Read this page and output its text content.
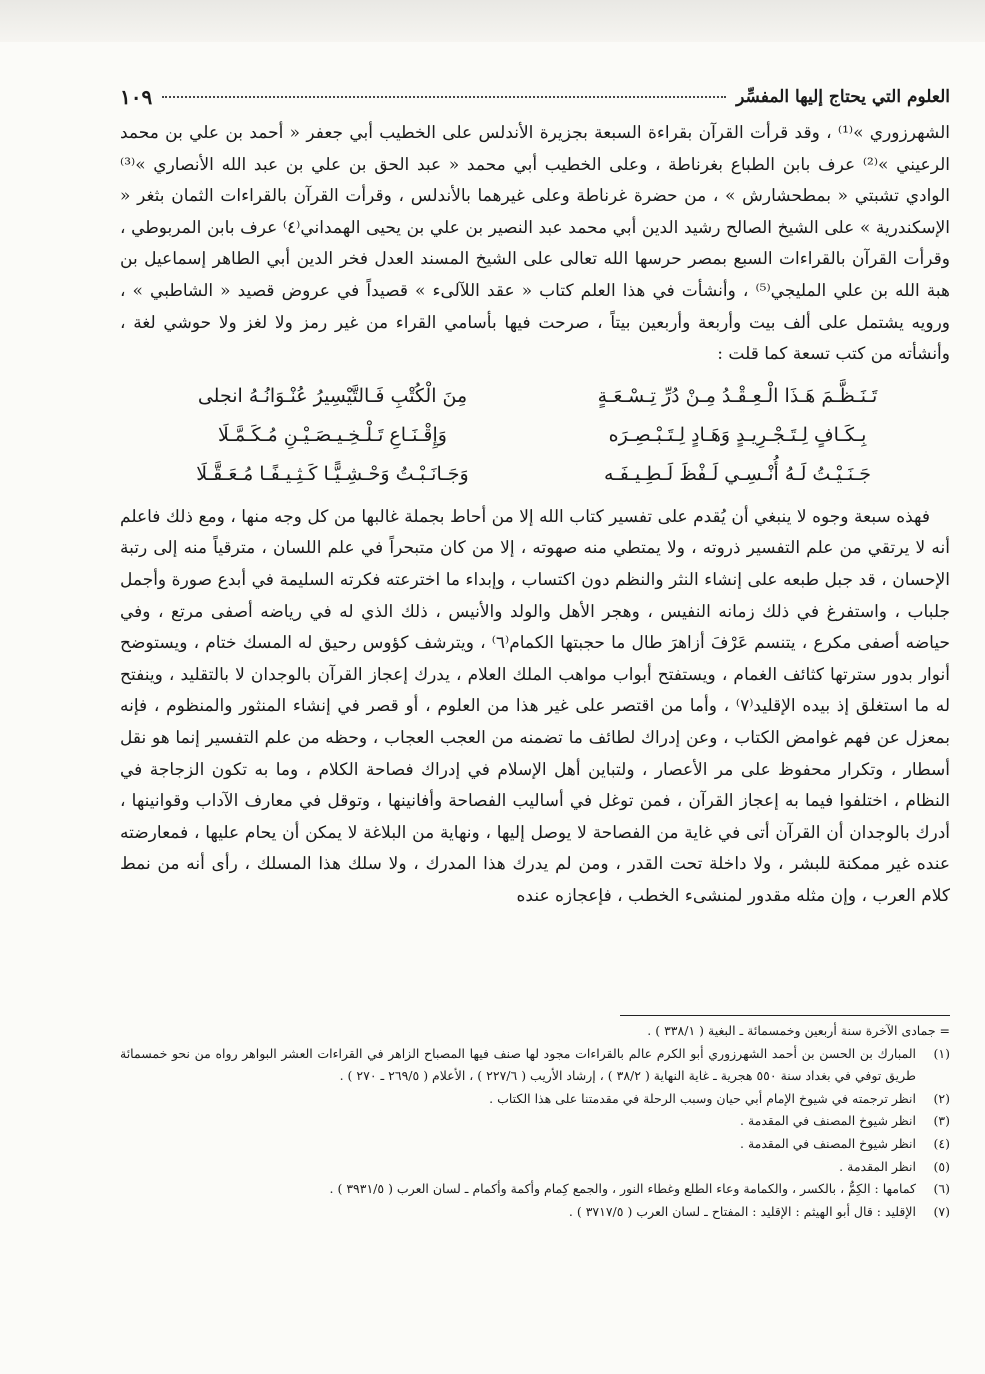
العلوم التي يحتاج إليها المفسِّر
١٠٩

الشهرزوري »⁽¹⁾ ، وقد قرأت القرآن بقراءة السبعة بجزيرة الأندلس على الخطيب أبي جعفر « أحمد بن علي بن محمد الرعيني »⁽²⁾ عرف بابن الطباع بغرناطة ، وعلى الخطيب أبي محمد « عبد الحق بن علي بن عبد الله الأنصاري »⁽³⁾ الوادي تشبتي « بمطحشارش » ، من حضرة غرناطة وعلى غيرهما بالأندلس ، وقرأت القرآن بالقراءات الثمان بثغر « الإسكندرية » على الشيخ الصالح رشيد الدين أبي محمد عبد النصير بن علي بن يحيى الهمداني⁽٤⁾ عرف بابن المربوطي ، وقرأت القرآن بالقراءات السبع بمصر حرسها الله تعالى على الشيخ المسند العدل فخر الدين أبي الطاهر إسماعيل بن هبة الله بن علي المليجي⁽⁵⁾ ، وأنشأت في هذا العلم كتاب « عقد اللآلىء » قصيداً في عروض قصيد « الشاطبي » ، ورويه يشتمل على ألف بيت وأربعة وأربعين بيتاً ، صرحت فيها بأسامي القراء من غير رمز ولا لغز ولا حوشي لغة ، وأنشأته من كتب تسعة كما قلت :

تَـنَـظَّـمَ هَـذَا الْـعِـقْـدُ مِـنْ دُرِّ تِـسْـعَـةٍ
مِنَ الْكُتْبِ فَـالتَّيْسِيرُ عُنْـوَانُـهُ انجلى
بِـكَـافٍ لِـتَـجْـرِيـدٍ وَهَـادٍ لِـتَـبْـصِـرَه
وَإِقْـنَـاعِ تَـلْـخِـيـصَـيْـنِ مُـكَـمَّـلَا
جَـنَـيْـتُ لَـهُ أُنْـسِـي لَـفْظَ لَـطِـيـفَـه
وَجَـانَـبْـتُ وَحْـشِـيًّـا كَـثِـيـفًـا مُـعَـقَّـلَا

فهذه سبعة وجوه لا ينبغي أن يُقدم على تفسير كتاب الله إلا من أحاط بجملة غالبها من كل وجه منها ، ومع ذلك فاعلم أنه لا يرتقي من علم التفسير ذروته ، ولا يمتطي منه صهوته ، إلا من كان متبحراً في علم اللسان ، مترقياً منه إلى رتبة الإحسان ، قد جبل طبعه على إنشاء النثر والنظم دون اكتساب ، وإبداء ما اخترعته فكرته السليمة في أبدع صورة وأجمل جلباب ، واستفرغ في ذلك زمانه النفيس ، وهجر الأهل والولد والأنيس ، ذلك الذي له في رياضه أصفى مرتع ، وفي حياضه أصفى مكرع ، يتنسم عَرْفَ أزاهرَ طال ما حجبتها الكمام⁽٦⁾ ، ويترشف كؤوس رحيق له المسك ختام ، ويستوضح أنوار بدور سترتها كثائف الغمام ، ويستفتح أبواب مواهب الملك العلام ، يدرك إعجاز القرآن بالوجدان لا بالتقليد ، وينفتح له ما استغلق إذ بيده الإقليد⁽٧⁾ ، وأما من اقتصر على غير هذا من العلوم ، أو قصر في إنشاء المنثور والمنظوم ، فإنه بمعزل عن فهم غوامض الكتاب ، وعن إدراك لطائف ما تضمنه من العجب العجاب ، وحظه من علم التفسير إنما هو نقل أسطار ، وتكرار محفوظ على مر الأعصار ، ولتباين أهل الإسلام في إدراك فصاحة الكلام ، وما به تكون الزجاجة في النظام ، اختلفوا فيما به إعجاز القرآن ، فمن توغل في أساليب الفصاحة وأفانينها ، وتوقل في معارف الآداب وقوانينها ، أدرك بالوجدان أن القرآن أتى في غاية من الفصاحة لا يوصل إليها ، ونهاية من البلاغة لا يمكن أن يحام عليها ، فمعارضته عنده غير ممكنة للبشر ، ولا داخلة تحت القدر ، ومن لم يدرك هذا المدرك ، ولا سلك هذا المسلك ، رأى أنه من نمط كلام العرب ، وإن مثله مقدور لمنشىء الخطب ، فإعجازه عنده

= جمادى الآخرة سنة أربعين وخمسمائة ـ البغية ( ٣٣٨/١ ) .

(١)
المبارك بن الحسن بن أحمد الشهرزوري أبو الكرم عالم بالقراءات مجود لها صنف فيها المصباح الزاهر في القراءات العشر البواهر رواه من نحو خمسمائة طريق توفي في بغداد سنة ٥٥٠ هجرية ـ غاية النهاية ( ٣٨/٢ ) ، إرشاد الأريب ( ٢٢٧/٦ ) ، الأعلام ( ٢٦٩/٥ ـ ٢٧٠ ) .
(٢)
انظر ترجمته في شيوخ الإمام أبي حيان وسبب الرحلة في مقدمتنا على هذا الكتاب .
(٣)
انظر شيوخ المصنف في المقدمة .
(٤)
انظر شيوخ المصنف في المقدمة .
(٥)
انظر المقدمة .
(٦)
كمامها : الكِمُّ ، بالكسر ، والكمامة وعاء الطلع وغطاء النور ، والجمع كِمام وأكمة وأكمام ـ لسان العرب ( ٣٩٣١/٥ ) .
(٧)
الإقليد : قال أبو الهيثم : الإقليد : المفتاح ـ لسان العرب ( ٣٧١٧/٥ ) .
